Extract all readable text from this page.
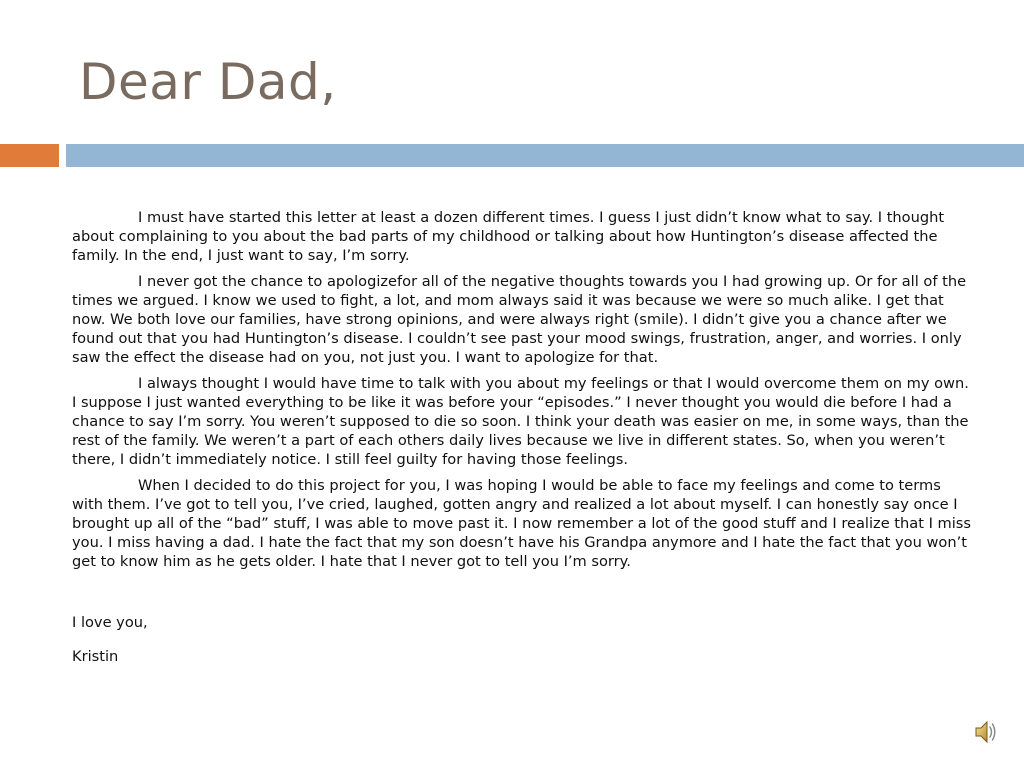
Dear Dad,

I must have started this letter at least a dozen different times. I guess I just didn’t know what to say. I thought about complaining to you about the bad parts of my childhood or talking about how Huntington’s disease affected the family. In the end, I just want to say, I’m sorry.

I never got the chance to apologizefor all of the negative thoughts towards you I had growing up. Or for all of the times we argued. I know we used to fight, a lot, and mom always said it was because we were so much alike. I get that now. We both love our families, have strong opinions, and were always right (smile). I didn’t give you a chance after we found out that you had Huntington’s disease. I couldn’t see past your mood swings, frustration, anger, and worries. I only saw the effect the disease had on you, not just you. I want to apologize for that.

I always thought I would have time to talk with you about my feelings or that I would overcome them on my own. I suppose I just wanted everything to be like it was before your “episodes.” I never thought you would die before I had a chance to say I’m sorry. You weren’t supposed to die so soon. I think your death was easier on me, in some ways, than the rest of the family. We weren’t a part of each others daily lives because we live in different states. So, when you weren’t there, I didn’t immediately notice. I still feel guilty for having those feelings.

When I decided to do this project for you, I was hoping I would be able to face my feelings and come to terms with them. I’ve got to tell you, I’ve cried, laughed, gotten angry and realized a lot about myself. I can honestly say once I brought up all of the “bad” stuff, I was able to move past it. I now remember a lot of the good stuff and I realize that I miss you. I miss having a dad. I hate the fact that my son doesn’t have his Grandpa anymore and I hate the fact that you won’t get to know him as he gets older. I hate that I never got to tell you I’m sorry.

I love you,

Kristin
